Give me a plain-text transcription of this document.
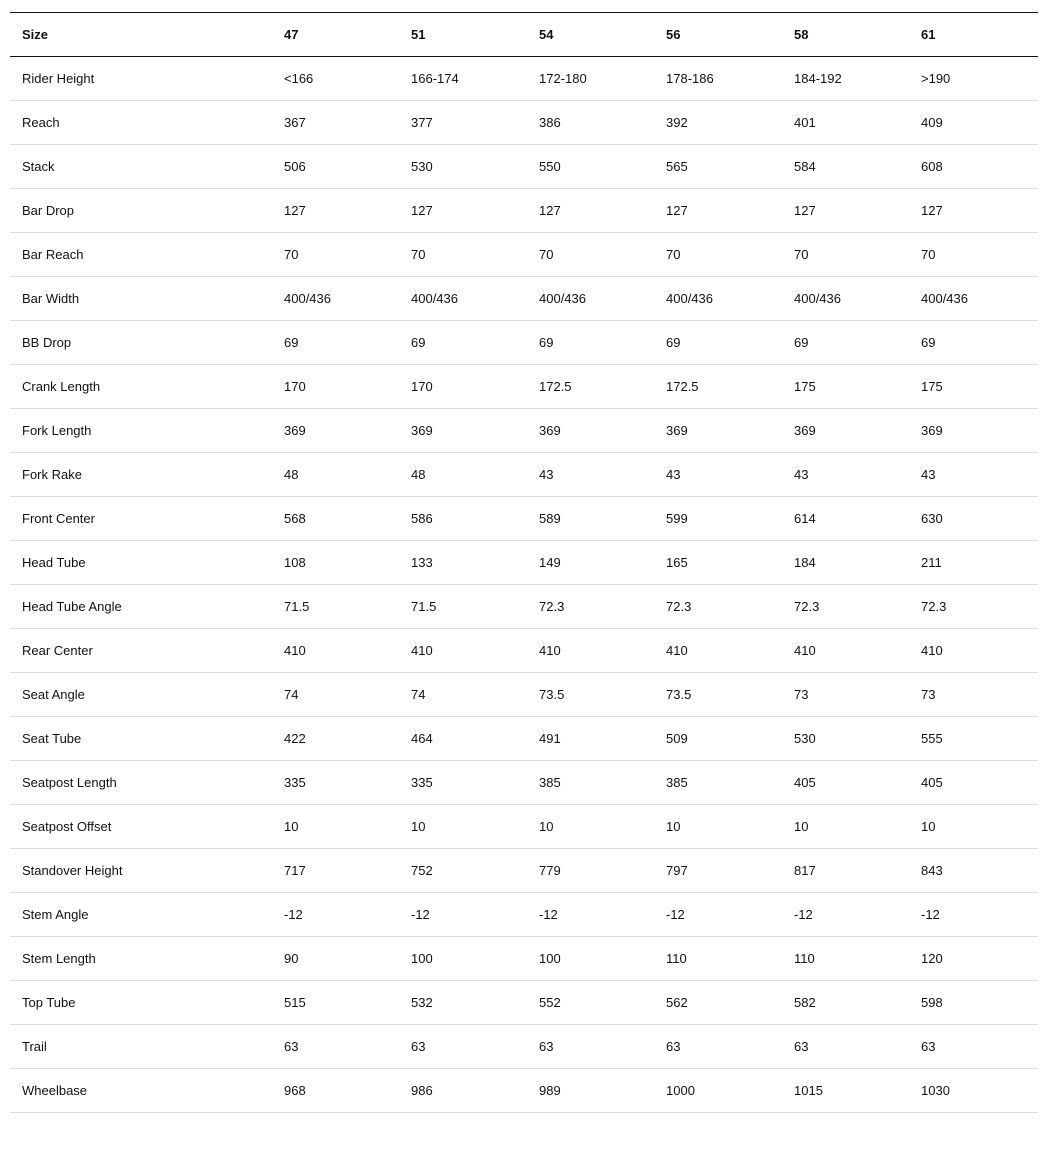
Size	47	51	54	56	58	61
Rider Height	<166	166-174	172-180	178-186	184-192	>190
Reach	367	377	386	392	401	409
Stack	506	530	550	565	584	608
Bar Drop	127	127	127	127	127	127
Bar Reach	70	70	70	70	70	70
Bar Width	400/436	400/436	400/436	400/436	400/436	400/436
BB Drop	69	69	69	69	69	69
Crank Length	170	170	172.5	172.5	175	175
Fork Length	369	369	369	369	369	369
Fork Rake	48	48	43	43	43	43
Front Center	568	586	589	599	614	630
Head Tube	108	133	149	165	184	211
Head Tube Angle	71.5	71.5	72.3	72.3	72.3	72.3
Rear Center	410	410	410	410	410	410
Seat Angle	74	74	73.5	73.5	73	73
Seat Tube	422	464	491	509	530	555
Seatpost Length	335	335	385	385	405	405
Seatpost Offset	10	10	10	10	10	10
Standover Height	717	752	779	797	817	843
Stem Angle	-12	-12	-12	-12	-12	-12
Stem Length	90	100	100	110	110	120
Top Tube	515	532	552	562	582	598
Trail	63	63	63	63	63	63
Wheelbase	968	986	989	1000	1015	1030
